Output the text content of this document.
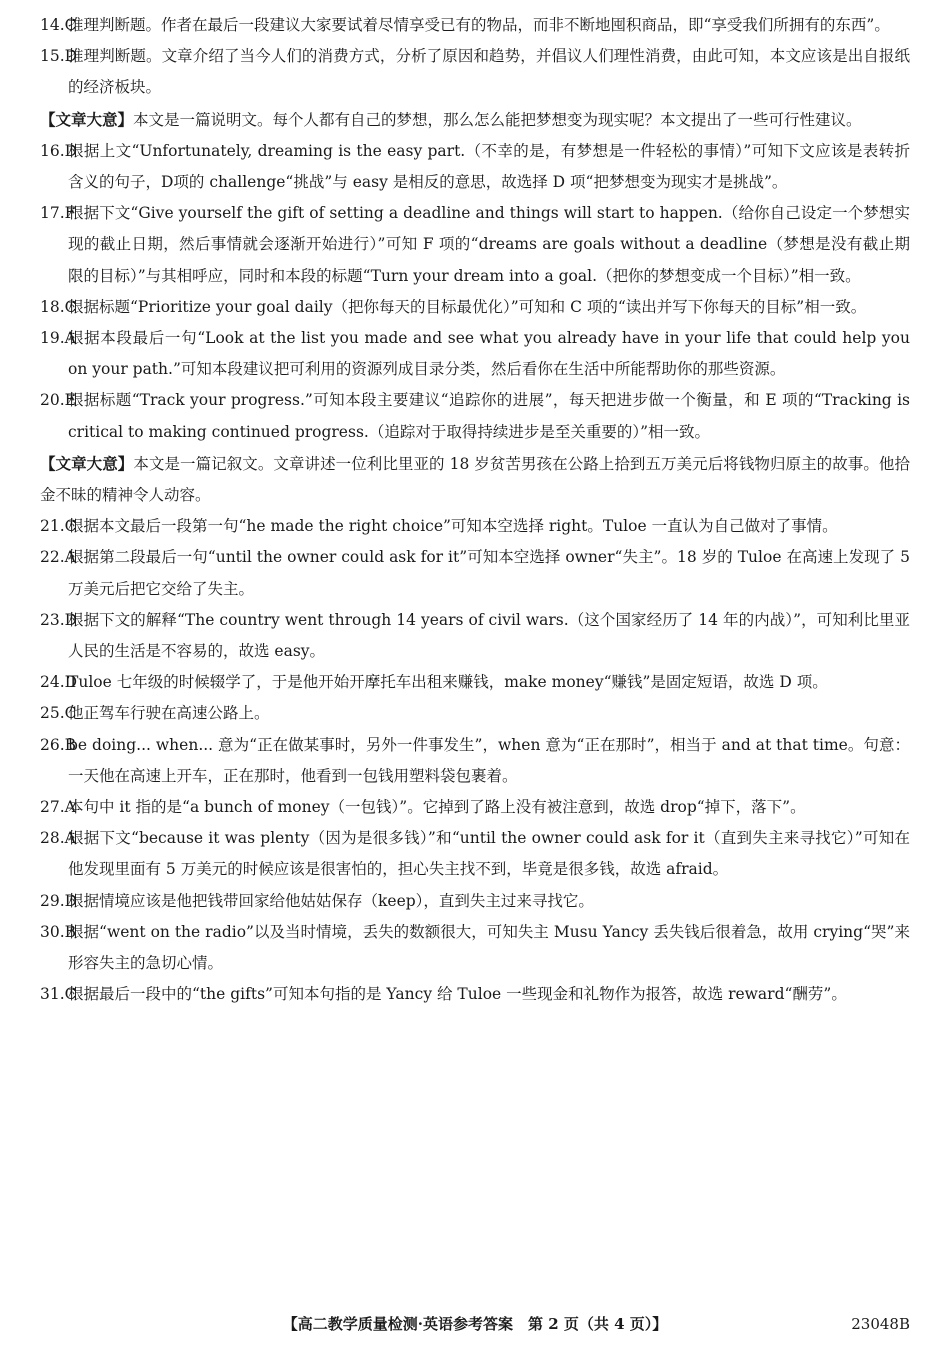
14.C
推理判断题。作者在最后一段建议大家要试着尽情享受已有的物品，而非不断地囤积商品，即“享受我们所拥有的东西”。
15.D
推理判断题。文章介绍了当今人们的消费方式，分析了原因和趋势，并倡议人们理性消费，由此可知，本文应该是出自报纸的经济板块。
【文章大意】本文是一篇说明文。每个人都有自己的梦想，那么怎么能把梦想变为现实呢？本文提出了一些可行性建议。
16.D
根据上文“Unfortunately, dreaming is the easy part.（不幸的是，有梦想是一件轻松的事情）”可知下文应该是表转折含义的句子，D项的 challenge“挑战”与 easy 是相反的意思，故选择 D 项“把梦想变为现实才是挑战”。
17.F
根据下文“Give yourself the gift of setting a deadline and things will start to happen.（给你自己设定一个梦想实现的截止日期，然后事情就会逐渐开始进行）”可知 F 项的“dreams are goals without a deadline（梦想是没有截止期限的目标）”与其相呼应，同时和本段的标题“Turn your dream into a goal.（把你的梦想变成一个目标）”相一致。
18.C
根据标题“Prioritize your goal daily（把你每天的目标最优化）”可知和 C 项的“读出并写下你每天的目标”相一致。
19.A
根据本段最后一句“Look at the list you made and see what you already have in your life that could help you on your path.”可知本段建议把可利用的资源列成目录分类，然后看你在生活中所能帮助你的那些资源。
20.E
根据标题“Track your progress.”可知本段主要建议“追踪你的进展”，每天把进步做一个衡量，和 E 项的“Tracking is critical to making continued progress.（追踪对于取得持续进步是至关重要的）”相一致。
【文章大意】本文是一篇记叙文。文章讲述一位利比里亚的 18 岁贫苦男孩在公路上拾到五万美元后将钱物归原主的故事。他拾金不昧的精神令人动容。
21.C
根据本文最后一段第一句“he made the right choice”可知本空选择 right。Tuloe 一直认为自己做对了事情。
22.A
根据第二段最后一句“until the owner could ask for it”可知本空选择 owner“失主”。18 岁的 Tuloe 在高速上发现了 5 万美元后把它交给了失主。
23.D
根据下文的解释“The country went through 14 years of civil wars.（这个国家经历了 14 年的内战）”，可知利比里亚人民的生活是不容易的，故选 easy。
24.D
Tuloe 七年级的时候辍学了，于是他开始开摩托车出租来赚钱，make money“赚钱”是固定短语，故选 D 项。
25.C
他正驾车行驶在高速公路上。
26.B
be doing... when... 意为“正在做某事时，另外一件事发生”，when 意为“正在那时”，相当于 and at that time。句意：一天他在高速上开车，正在那时，他看到一包钱用塑料袋包裹着。
27.A
本句中 it 指的是“a bunch of money（一包钱）”。它掉到了路上没有被注意到，故选 drop“掉下，落下”。
28.A
根据下文“because it was plenty（因为是很多钱）”和“until the owner could ask for it（直到失主来寻找它）”可知在他发现里面有 5 万美元的时候应该是很害怕的，担心失主找不到，毕竟是很多钱，故选 afraid。
29.D
根据情境应该是他把钱带回家给他姑姑保存（keep），直到失主过来寻找它。
30.B
根据“went on the radio”以及当时情境，丢失的数额很大，可知失主 Musu Yancy 丢失钱后很着急，故用 crying“哭”来形容失主的急切心情。
31.C
根据最后一段中的“the gifts”可知本句指的是 Yancy 给 Tuloe 一些现金和礼物作为报答，故选 reward“酬劳”。
【高二教学质量检测·英语参考答案　第 2 页（共 4 页）】	23048B
